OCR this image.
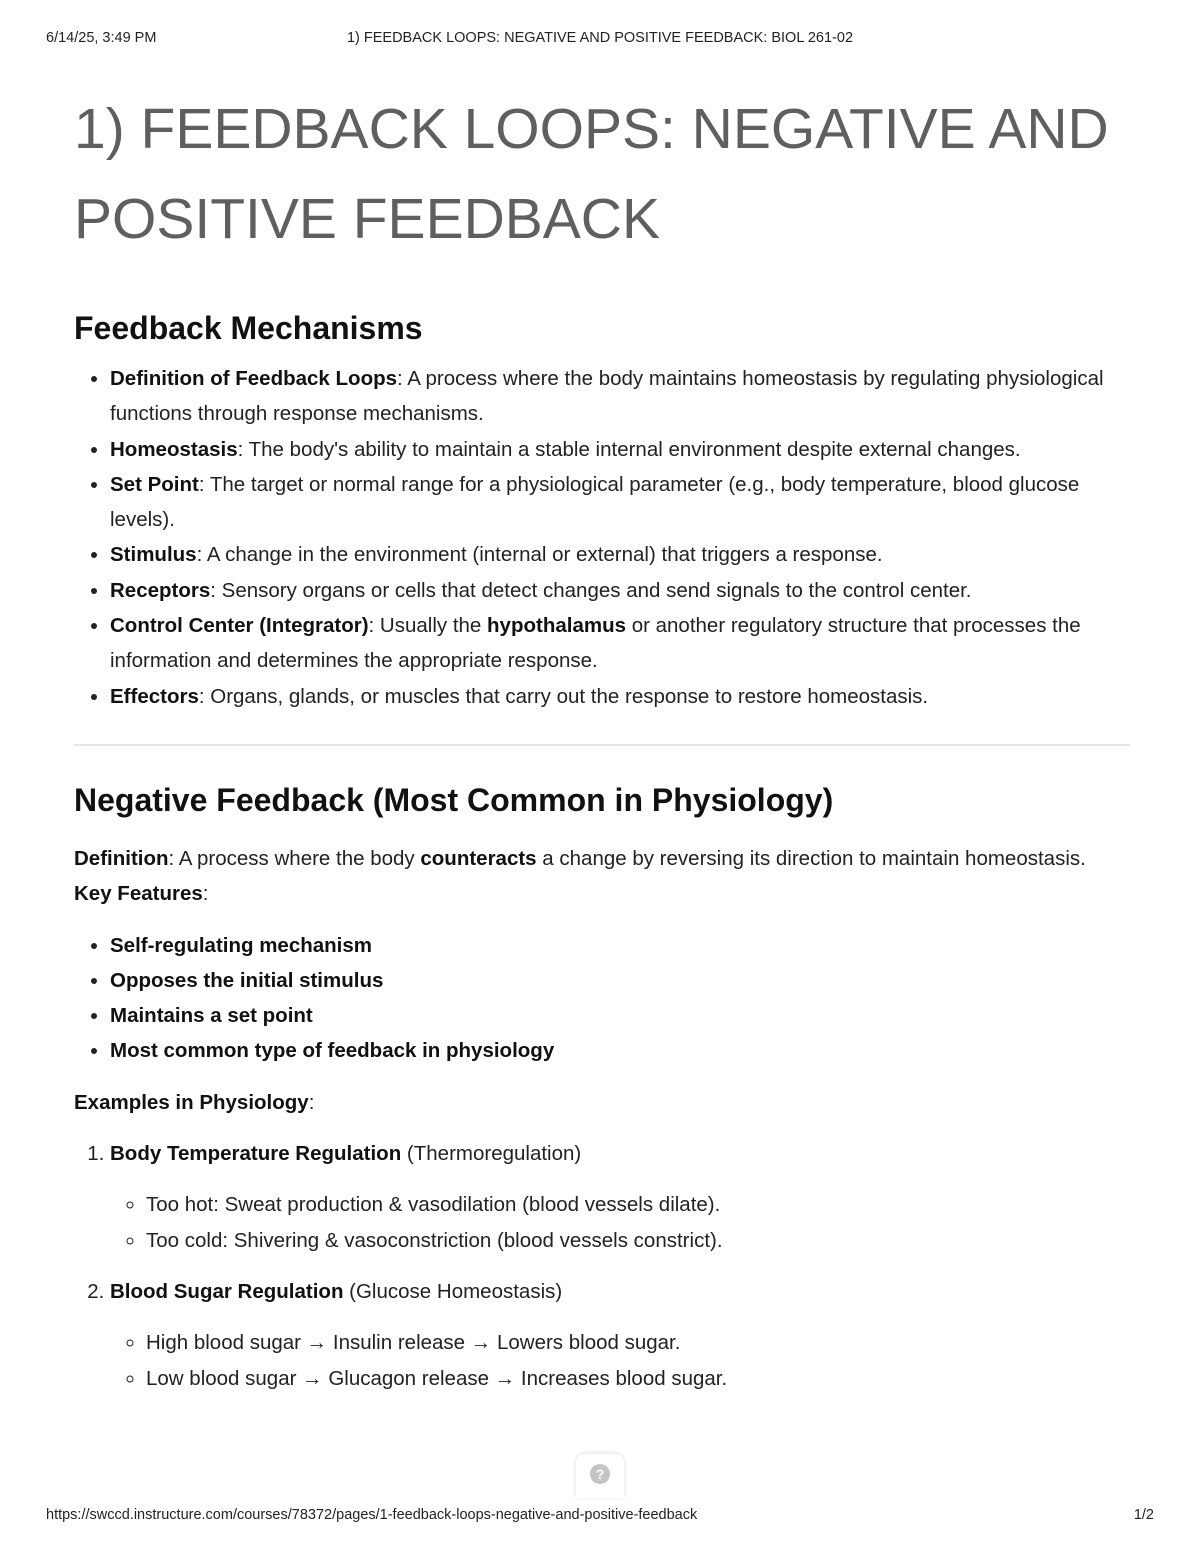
6/14/25, 3:49 PM	1) FEEDBACK LOOPS: NEGATIVE AND POSITIVE FEEDBACK: BIOL 261-02
1) FEEDBACK LOOPS: NEGATIVE AND POSITIVE FEEDBACK
Feedback Mechanisms
• Definition of Feedback Loops: A process where the body maintains homeostasis by regulating physiological functions through response mechanisms.
• Homeostasis: The body's ability to maintain a stable internal environment despite external changes.
• Set Point: The target or normal range for a physiological parameter (e.g., body temperature, blood glucose levels).
• Stimulus: A change in the environment (internal or external) that triggers a response.
• Receptors: Sensory organs or cells that detect changes and send signals to the control center.
• Control Center (Integrator): Usually the hypothalamus or another regulatory structure that processes the information and determines the appropriate response.
• Effectors: Organs, glands, or muscles that carry out the response to restore homeostasis.
Negative Feedback (Most Common in Physiology)

Definition: A process where the body counteracts a change by reversing its direction to maintain homeostasis.

Key Features:

• Self-regulating mechanism
• Opposes the initial stimulus
• Maintains a set point
• Most common type of feedback in physiology

Examples in Physiology:

1. Body Temperature Regulation (Thermoregulation)
◦ Too hot: Sweat production & vasodilation (blood vessels dilate).
◦ Too cold: Shivering & vasoconstriction (blood vessels constrict).
2. Blood Sugar Regulation (Glucose Homeostasis)
◦ High blood sugar → Insulin release → Lowers blood sugar.
◦ Low blood sugar → Glucagon release → Increases blood sugar.
?
https://swccd.instructure.com/courses/78372/pages/1-feedback-loops-negative-and-positive-feedback	1/2
